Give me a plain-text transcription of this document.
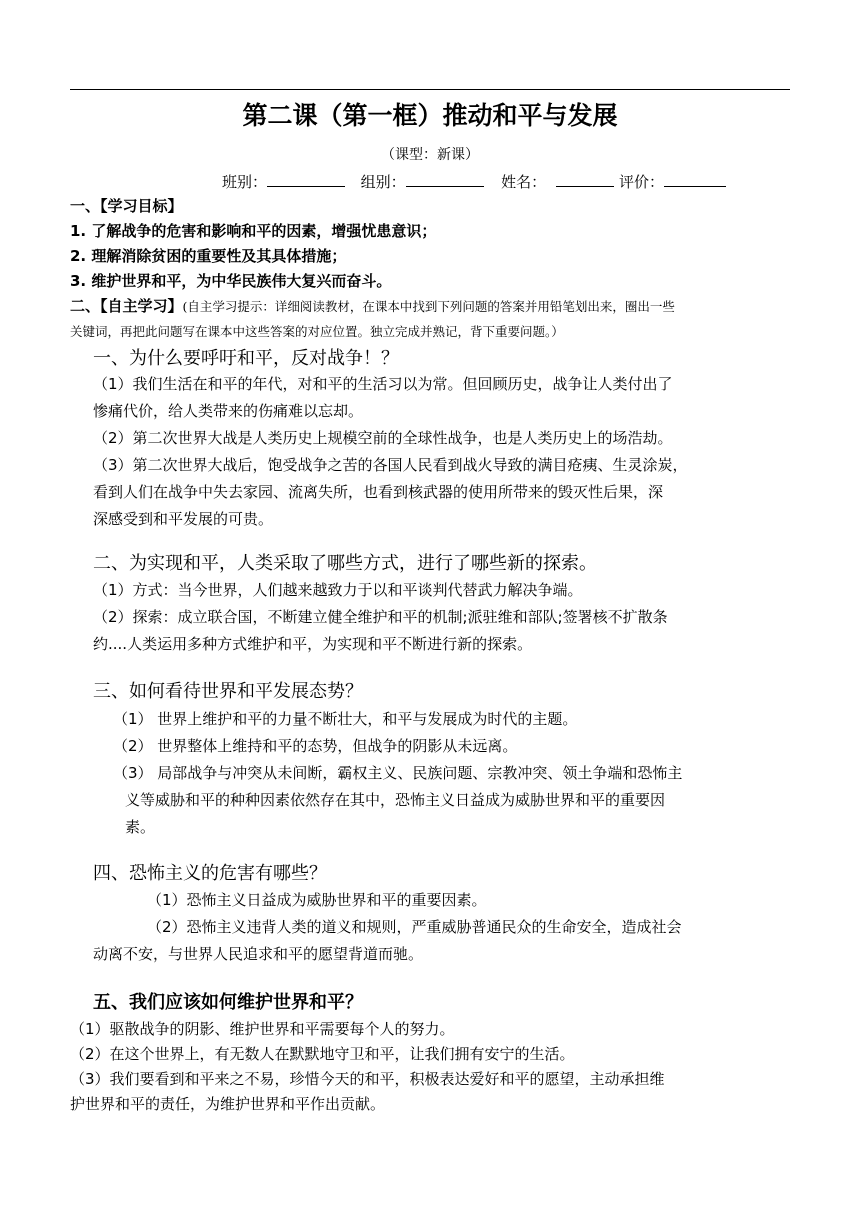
第二课（第一框）推动和平与发展
（课型：新课）
班别：	组别：	姓名：	评价：
一、【学习目标】
1. 了解战争的危害和影响和平的因素，增强忧患意识；
2. 理解消除贫困的重要性及其具体措施；
3. 维护世界和平，为中华民族伟大复兴而奋斗。
二、【自主学习】(自主学习提示：详细阅读教材，在课本中找到下列问题的答案并用铅笔划出来，圈出一些
关键词，再把此问题写在课本中这些答案的对应位置。独立完成并熟记，背下重要问题。）
一、为什么要呼吁和平，反对战争！？
（1）我们生活在和平的年代，对和平的生活习以为常。但回顾历史，战争让人类付出了
惨痛代价，给人类带来的伤痛难以忘却。
（2）第二次世界大战是人类历史上规模空前的全球性战争，也是人类历史上的场浩劫。
（3）第二次世界大战后，饱受战争之苦的各国人民看到战火导致的满目疮痍、生灵涂炭，
看到人们在战争中失去家园、流离失所，也看到核武器的使用所带来的毁灭性后果，深
深感受到和平发展的可贵。
二、为实现和平，人类采取了哪些方式，进行了哪些新的探索。
（1）方式：当今世界，人们越来越致力于以和平谈判代替武力解决争端。
（2）探索：成立联合国，不断建立健全维护和平的机制;派驻维和部队;签署核不扩散条
约....人类运用多种方式维护和平，为实现和平不断进行新的探索。
三、如何看待世界和平发展态势？
（1） 世界上维护和平的力量不断壮大，和平与发展成为时代的主题。
（2） 世界整体上维持和平的态势，但战争的阴影从未远离。
（3） 局部战争与冲突从未间断，霸权主义、民族问题、宗教冲突、领土争端和恐怖主
义等威胁和平的种种因素依然存在其中，恐怖主义日益成为威胁世界和平的重要因
素。
四、恐怖主义的危害有哪些？
（1）恐怖主义日益成为威胁世界和平的重要因素。
（2）恐怖主义违背人类的道义和规则，严重威胁普通民众的生命安全，造成社会
动离不安，与世界人民追求和平的愿望背道而驰。
五、我们应该如何维护世界和平？
（1）驱散战争的阴影、维护世界和平需要每个人的努力。
（2）在这个世界上，有无数人在默默地守卫和平，让我们拥有安宁的生活。
（3）我们要看到和平来之不易，珍惜今天的和平，积极表达爱好和平的愿望，主动承担维
护世界和平的责任，为维护世界和平作出贡献。
